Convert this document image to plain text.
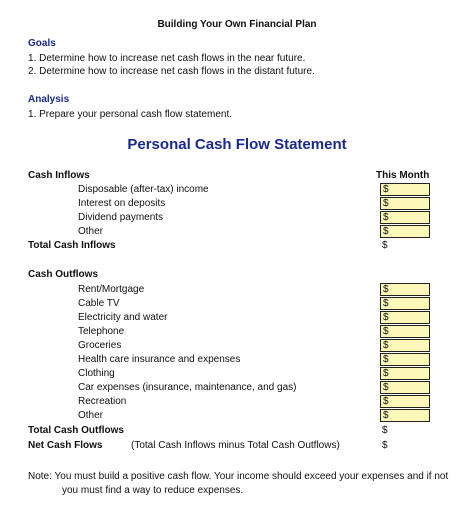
Building Your Own Financial Plan
Goals
1. Determine how to increase net cash flows in the near future.
2. Determine how to increase net cash flows in the distant future.
Analysis
1. Prepare your personal cash flow statement.
Personal Cash Flow Statement
This Month
Cash Inflows
Disposable (after-tax) income
Interest on deposits
Dividend payments
Other
Total Cash Inflows
$
$
$
$
$
Cash Outflows
Rent/Mortgage
Cable TV
Electricity and water
Telephone
Groceries
Health care insurance and expenses
Clothing
Car expenses (insurance, maintenance, and gas)
Recreation
Other
Total Cash Outflows
$
$
$
$
$
$
$
$
$
$
$
Net Cash Flows	(Total Cash Inflows minus Total Cash Outflows)	$
Note: You must build a positive cash flow. Your income should exceed your expenses and if not
you must find a way to reduce expenses.
